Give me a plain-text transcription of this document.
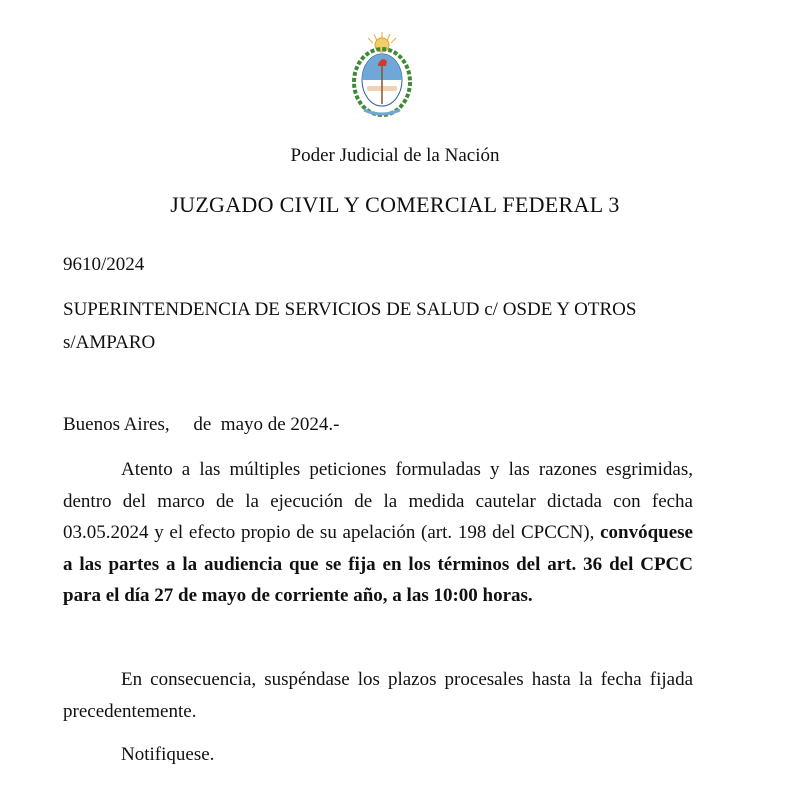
Poder Judicial de la Nación

JUZGADO CIVIL Y COMERCIAL FEDERAL 3

9610/2024

SUPERINTENDENCIA DE SERVICIOS DE SALUD c/ OSDE Y OTROS s/AMPARO

Buenos Aires,     de  mayo de 2024.-

Atento a las múltiples peticiones formuladas y las razones esgrimidas, dentro del marco de la ejecución de la medida cautelar dictada con fecha 03.05.2024 y el efecto propio de su apelación (art. 198 del CPCCN), convóquese a las partes a la audiencia que se fija en los términos del art. 36 del CPCC para el día 27 de mayo de corriente año, a las 10:00 horas.

En consecuencia, suspéndase los plazos procesales hasta la fecha fijada precedentemente.

Notifiquese.
